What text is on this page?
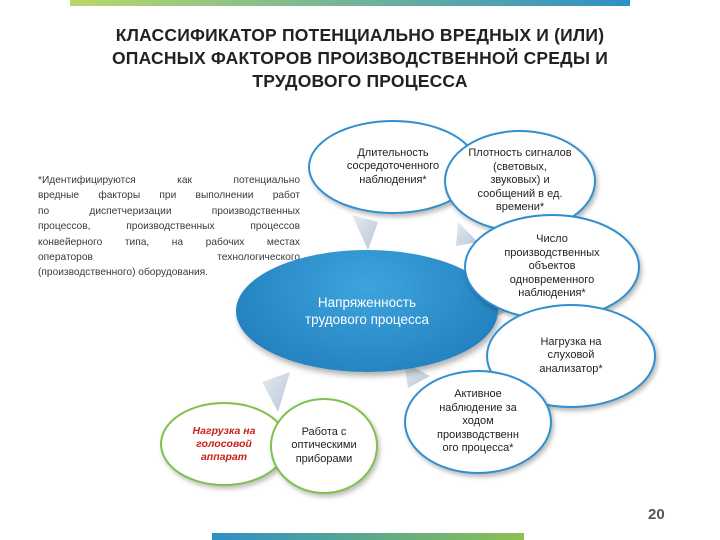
КЛАССИФИКАТОР ПОТЕНЦИАЛЬНО ВРЕДНЫХ И (ИЛИ)
ОПАСНЫХ ФАКТОРОВ ПРОИЗВОДСТВЕННОЙ СРЕДЫ И
ТРУДОВОГО ПРОЦЕССА
*Идентифицируются как потенциально
вредные факторы при выполнении работ
по диспетчеризации производственных
процессов, производственных процессов
конвейерного типа, на рабочих местах
операторов технологического
(производственного) оборудования.
Длительность
сосредоточенного
наблюдения*
Плотность сигналов
(световых,
звуковых) и
сообщений в ед.
времени*
Напряженность
трудового процесса
Число
производственных
объектов
одновременного
наблюдения*
Нагрузка на
слуховой
анализатор*
Активное
наблюдение за
ходом
производственн
ого процесса*
Нагрузка на
голосовой
аппарат
Работа с
оптическими
приборами
20
